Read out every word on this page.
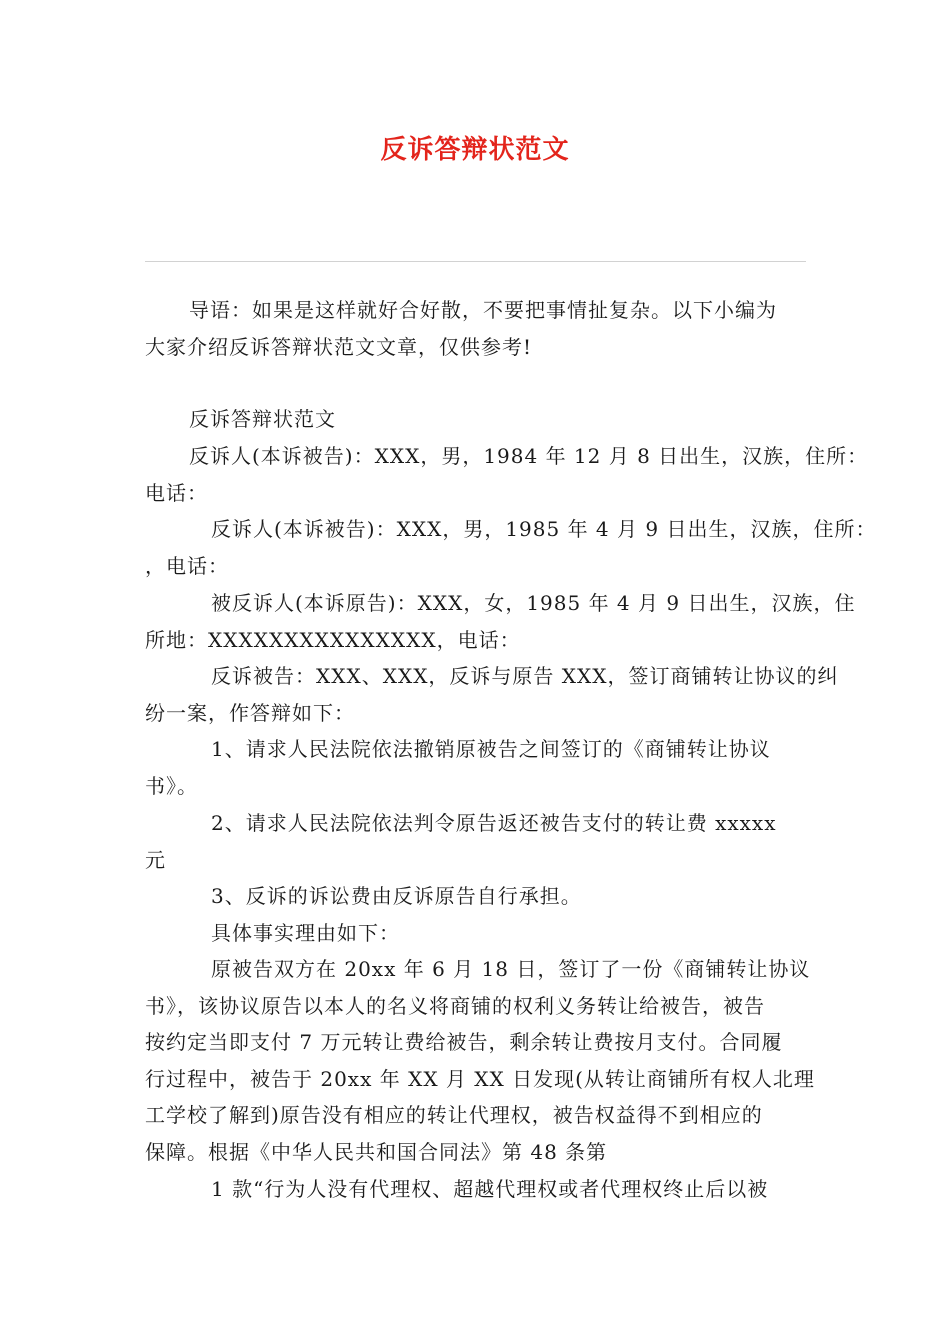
反诉答辩状范文
导语：如果是这样就好合好散，不要把事情扯复杂。以下小编为
大家介绍反诉答辩状范文文章，仅供参考!
反诉答辩状范文
反诉人(本诉被告)：XXX，男，1984 年 12 月 8 日出生，汉族，住所：
电话：
反诉人(本诉被告)：XXX，男，1985 年 4 月 9 日出生，汉族，住所：
，电话：
被反诉人(本诉原告)：XXX，女，1985 年 4 月 9 日出生，汉族，住
所地：XXXXXXXXXXXXXXX，电话：
反诉被告：XXX、XXX，反诉与原告 XXX，签订商铺转让协议的纠
纷一案，作答辩如下：
1、请求人民法院依法撤销原被告之间签订的《商铺转让协议
书》。
2、请求人民法院依法判令原告返还被告支付的转让费 xxxxx
元
3、反诉的诉讼费由反诉原告自行承担。
具体事实理由如下：
原被告双方在 20xx 年 6 月 18 日，签订了一份《商铺转让协议
书》，该协议原告以本人的名义将商铺的权利义务转让给被告，被告
按约定当即支付 7 万元转让费给被告，剩余转让费按月支付。合同履
行过程中，被告于 20xx 年 XX 月 XX 日发现(从转让商铺所有权人北理
工学校了解到)原告没有相应的转让代理权，被告权益得不到相应的
保障。根据《中华人民共和国合同法》第 48 条第
1 款“行为人没有代理权、超越代理权或者代理权终止后以被
